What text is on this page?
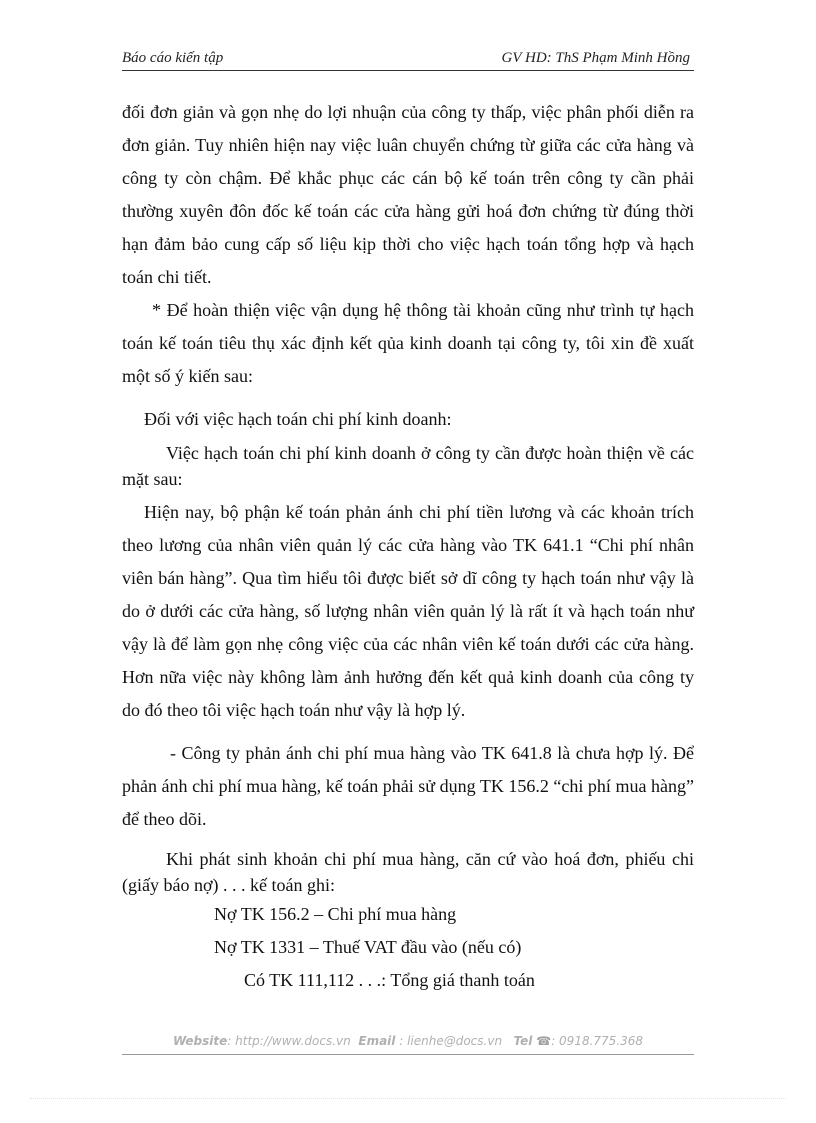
Báo cáo kiến tập	GV HD: ThS Phạm Minh Hồng

đối đơn giản và gọn nhẹ do lợi nhuận của công ty thấp, việc phân phối diễn ra đơn giản. Tuy nhiên hiện nay việc luân chuyển chứng từ giữa các cửa hàng và công ty còn chậm. Để khắc phục các cán bộ kế toán trên công ty cần phải thường xuyên đôn đốc kế toán các cửa hàng gửi hoá đơn chứng từ đúng thời hạn đảm bảo cung cấp số liệu kịp thời cho việc hạch toán tổng hợp và hạch toán chi tiết.

* Để hoàn thiện việc vận dụng hệ thông tài khoản cũng như trình tự hạch toán kế toán tiêu thụ xác định kết qủa kinh doanh tại công ty, tôi xin đề xuất một số ý kiến sau:

Đối với việc hạch toán chi phí kinh doanh:

Việc hạch toán chi phí kinh doanh ở công ty cần được hoàn thiện về các mặt sau:

Hiện nay, bộ phận kế toán phản ánh chi phí tiền lương và các khoản trích theo lương của nhân viên quản lý các cửa hàng vào TK 641.1 “Chi phí nhân viên bán hàng”. Qua tìm hiểu tôi được biết sở dĩ công ty hạch toán như vậy là do ở dưới các cửa hàng, số lượng nhân viên quản lý là rất ít và hạch toán như vậy là để làm gọn nhẹ công việc của các nhân viên kế toán dưới các cửa hàng. Hơn nữa việc này không làm ảnh hưởng đến kết quả kinh doanh của công ty do đó theo tôi việc hạch toán như vậy là hợp lý.

- Công ty phản ánh chi phí mua hàng vào TK 641.8 là chưa hợp lý. Để phản ánh chi phí mua hàng, kế toán phải sử dụng TK 156.2 “chi phí mua hàng” để theo dõi.

Khi phát sinh khoản chi phí mua hàng, căn cứ vào hoá đơn, phiếu chi (giấy báo nợ) . . . kế toán ghi:

Nợ TK 156.2 – Chi phí mua hàng

Nợ TK 1331 – Thuế VAT đầu vào (nếu có)

Có TK 111,112 . . .: Tổng giá thanh toán

Website: http://www.docs.vn Email : lienhe@docs.vn Tel ☎: 0918.775.368
